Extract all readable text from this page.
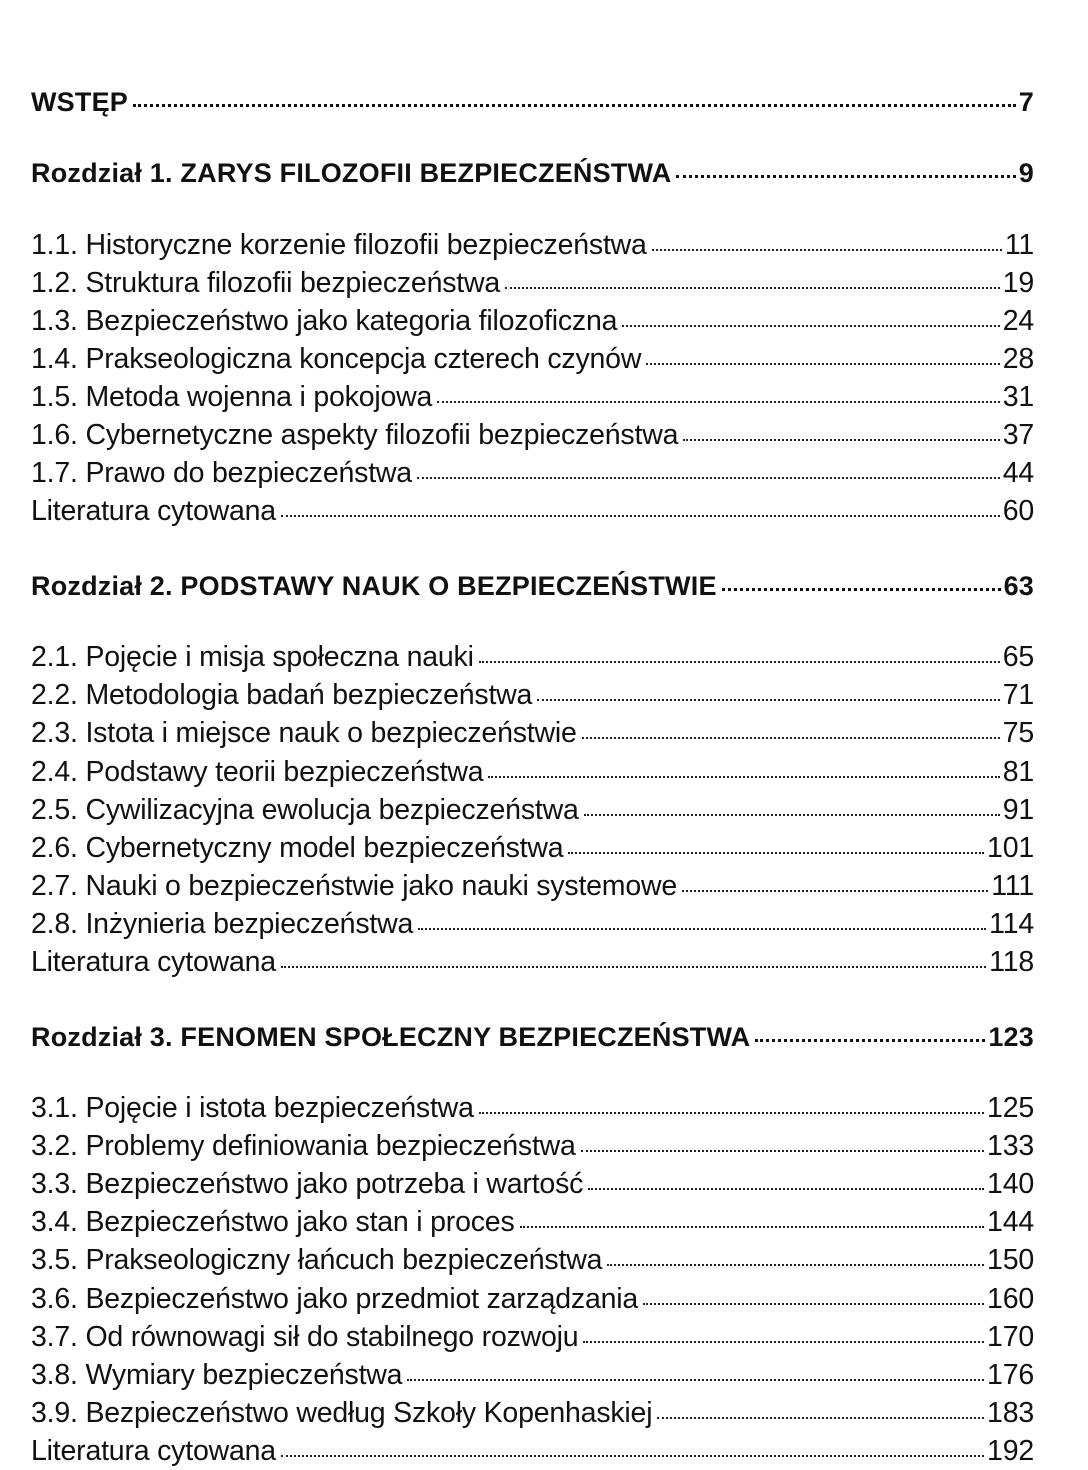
WSTĘP	7
Rozdział 1. ZARYS FILOZOFII BEZPIECZEŃSTWA	9
1.1. Historyczne korzenie filozofii bezpieczeństwa	11
1.2. Struktura filozofii bezpieczeństwa	19
1.3. Bezpieczeństwo jako kategoria filozoficzna	24
1.4. Prakseologiczna koncepcja czterech czynów	28
1.5. Metoda wojenna i pokojowa	31
1.6. Cybernetyczne aspekty filozofii bezpieczeństwa	37
1.7. Prawo do bezpieczeństwa	44
Literatura cytowana	60
Rozdział 2. PODSTAWY NAUK O BEZPIECZEŃSTWIE	63
2.1. Pojęcie i misja społeczna nauki	65
2.2. Metodologia badań bezpieczeństwa	71
2.3. Istota i miejsce nauk o bezpieczeństwie	75
2.4. Podstawy teorii bezpieczeństwa	81
2.5. Cywilizacyjna ewolucja bezpieczeństwa	91
2.6. Cybernetyczny model bezpieczeństwa	101
2.7. Nauki o bezpieczeństwie jako nauki systemowe	111
2.8. Inżynieria bezpieczeństwa	114
Literatura cytowana	118
Rozdział 3. FENOMEN SPOŁECZNY BEZPIECZEŃSTWA	123
3.1. Pojęcie i istota bezpieczeństwa	125
3.2. Problemy definiowania bezpieczeństwa	133
3.3. Bezpieczeństwo jako potrzeba i wartość	140
3.4. Bezpieczeństwo jako stan i proces	144
3.5. Prakseologiczny łańcuch bezpieczeństwa	150
3.6. Bezpieczeństwo jako przedmiot zarządzania	160
3.7. Od równowagi sił do stabilnego rozwoju	170
3.8. Wymiary bezpieczeństwa	176
3.9. Bezpieczeństwo według Szkoły Kopenhaskiej	183
Literatura cytowana	192
